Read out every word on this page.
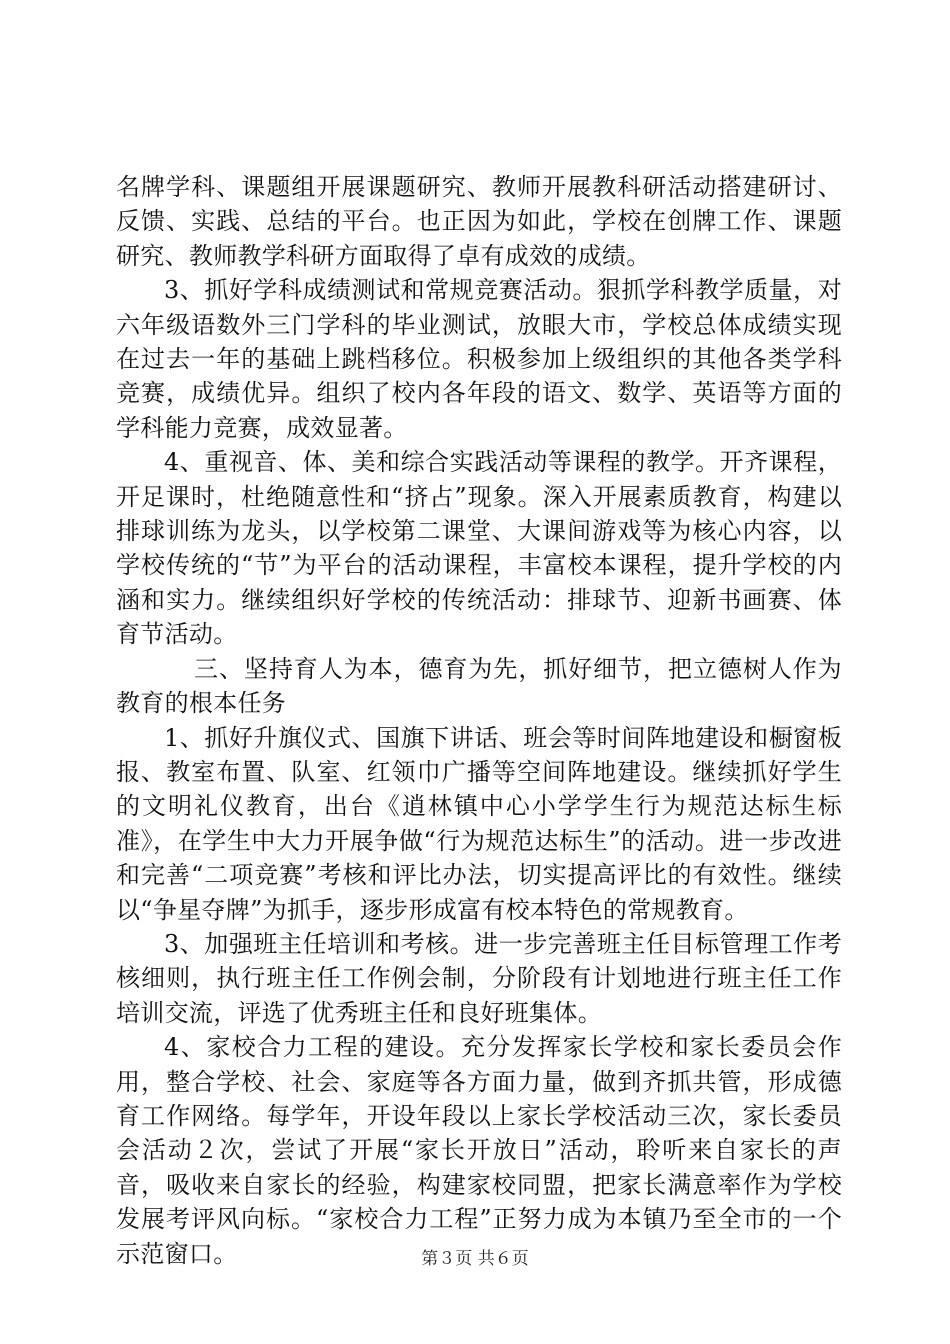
名牌学科、课题组开展课题研究、教师开展教科研活动搭建研讨、反馈、实践、总结的平台。也正因为如此，学校在创牌工作、课题研究、教师教学科研方面取得了卓有成效的成绩。

3、抓好学科成绩测试和常规竞赛活动。狠抓学科教学质量，对六年级语数外三门学科的毕业测试，放眼大市，学校总体成绩实现在过去一年的基础上跳档移位。积极参加上级组织的其他各类学科竞赛，成绩优异。组织了校内各年段的语文、数学、英语等方面的学科能力竞赛，成效显著。

4、重视音、体、美和综合实践活动等课程的教学。开齐课程，开足课时，杜绝随意性和“挤占”现象。深入开展素质教育，构建以排球训练为龙头，以学校第二课堂、大课间游戏等为核心内容，以学校传统的“节”为平台的活动课程，丰富校本课程，提升学校的内涵和实力。继续组织好学校的传统活动：排球节、迎新书画赛、体育节活动。

三、坚持育人为本，德育为先，抓好细节，把立德树人作为教育的根本任务

1、抓好升旗仪式、国旗下讲话、班会等时间阵地建设和橱窗板报、教室布置、队室、红领巾广播等空间阵地建设。继续抓好学生的文明礼仪教育，出台《逍林镇中心小学学生行为规范达标生标准》，在学生中大力开展争做“行为规范达标生”的活动。进一步改进和完善“二项竞赛”考核和评比办法，切实提高评比的有效性。继续以“争星夺牌”为抓手，逐步形成富有校本特色的常规教育。

3、加强班主任培训和考核。进一步完善班主任目标管理工作考核细则，执行班主任工作例会制，分阶段有计划地进行班主任工作培训交流，评选了优秀班主任和良好班集体。

4、家校合力工程的建设。充分发挥家长学校和家长委员会作用，整合学校、社会、家庭等各方面力量，做到齐抓共管，形成德育工作网络。每学年，开设年段以上家长学校活动三次，家长委员会活动２次，尝试了开展“家长开放日”活动，聆听来自家长的声音，吸收来自家长的经验，构建家校同盟，把家长满意率作为学校发展考评风向标。“家校合力工程”正努力成为本镇乃至全市的一个示范窗口。	第３页 共６页
